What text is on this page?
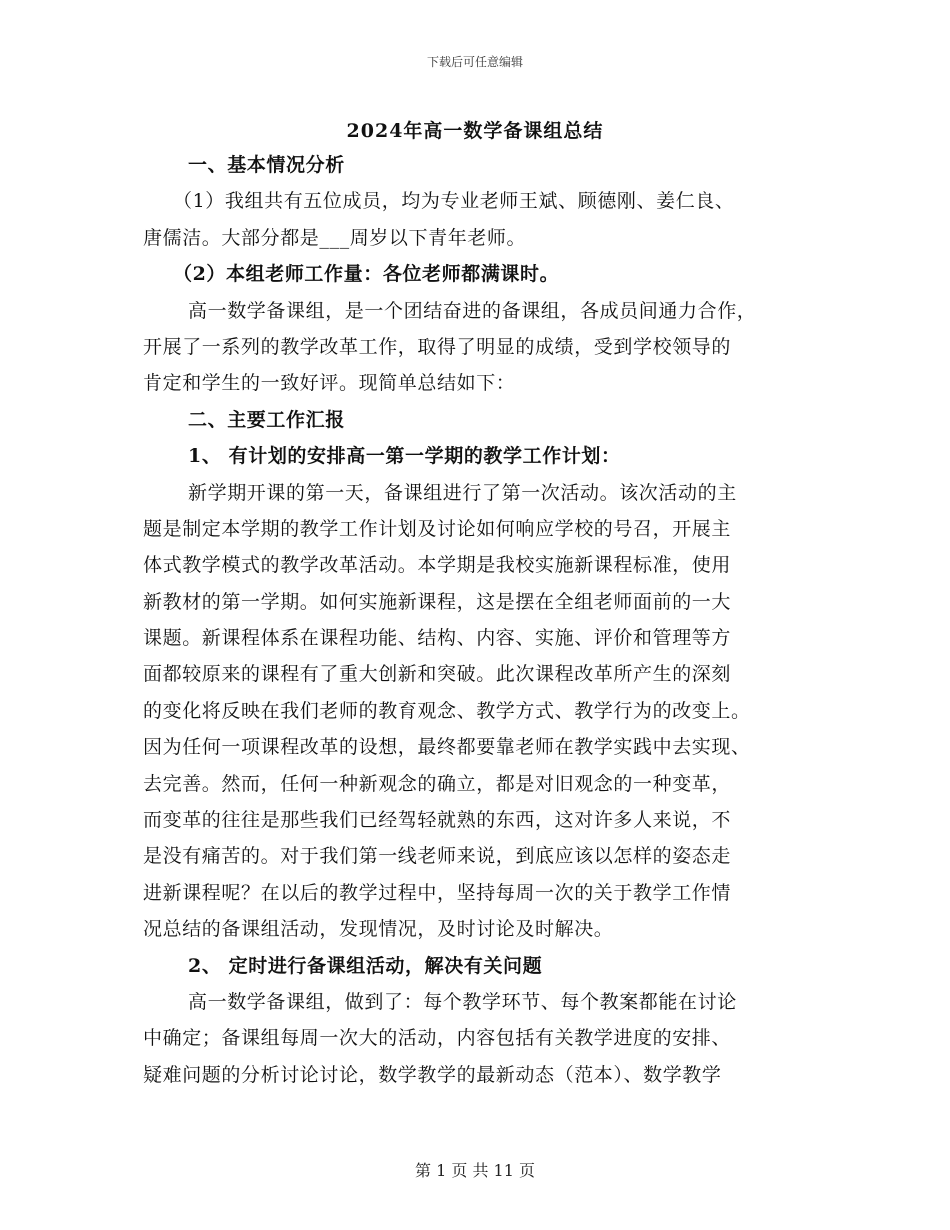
下载后可任意编辑
2024年高一数学备课组总结
一、基本情况分析
（1）我组共有五位成员，均为专业老师王斌、顾德刚、姜仁良、
唐儒洁。大部分都是___周岁以下青年老师。
（2）本组老师工作量：各位老师都满课时。
高一数学备课组，是一个团结奋进的备课组，各成员间通力合作，
开展了一系列的教学改革工作，取得了明显的成绩，受到学校领导的
肯定和学生的一致好评。现简单总结如下：
二、主要工作汇报
1、 有计划的安排高一第一学期的教学工作计划：
新学期开课的第一天，备课组进行了第一次活动。该次活动的主
题是制定本学期的教学工作计划及讨论如何响应学校的号召，开展主
体式教学模式的教学改革活动。本学期是我校实施新课程标准，使用
新教材的第一学期。如何实施新课程，这是摆在全组老师面前的一大
课题。新课程体系在课程功能、结构、内容、实施、评价和管理等方
面都较原来的课程有了重大创新和突破。此次课程改革所产生的深刻
的变化将反映在我们老师的教育观念、教学方式、教学行为的改变上。
因为任何一项课程改革的设想，最终都要靠老师在教学实践中去实现、
去完善。然而，任何一种新观念的确立，都是对旧观念的一种变革，
而变革的往往是那些我们已经驾轻就熟的东西，这对许多人来说，不
是没有痛苦的。对于我们第一线老师来说，到底应该以怎样的姿态走
进新课程呢？在以后的教学过程中，坚持每周一次的关于教学工作情
况总结的备课组活动，发现情况，及时讨论及时解决。
2、 定时进行备课组活动，解决有关问题
高一数学备课组，做到了：每个教学环节、每个教案都能在讨论
中确定；备课组每周一次大的活动，内容包括有关教学进度的安排、
疑难问题的分析讨论讨论，数学教学的最新动态（范本）、数学教学
第 1 页 共 11 页
